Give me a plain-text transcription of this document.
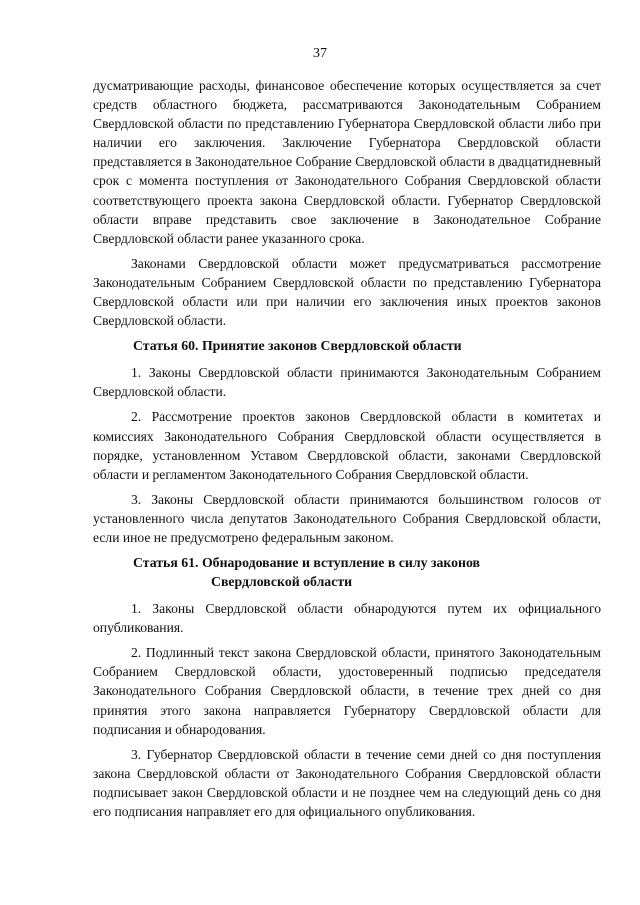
37

дусматривающие расходы, финансовое обеспечение которых осуществляется за счет средств областного бюджета, рассматриваются Законодательным Собранием Свердловской области по представлению Губернатора Свердловской области либо при наличии его заключения. Заключение Губернатора Свердловской области представляется в Законодательное Собрание Свердловской области в двадцатидневный срок с момента поступления от Законодательного Собрания Свердловской области соответствующего проекта закона Свердловской области. Губернатор Свердловской области вправе представить свое заключение в Законодательное Собрание Свердловской области ранее указанного срока.

Законами Свердловской области может предусматриваться рассмотрение Законодательным Собранием Свердловской области по представлению Губернатора Свердловской области или при наличии его заключения иных проектов законов Свердловской области.

Статья 60. Принятие законов Свердловской области

1. Законы Свердловской области принимаются Законодательным Собранием Свердловской области.

2. Рассмотрение проектов законов Свердловской области в комитетах и комиссиях Законодательного Собрания Свердловской области осуществляется в порядке, установленном Уставом Свердловской области, законами Свердловской области и регламентом Законодательного Собрания Свердловской области.

3. Законы Свердловской области принимаются большинством голосов от установленного числа депутатов Законодательного Собрания Свердловской области, если иное не предусмотрено федеральным законом.

Статья 61. Обнародование и вступление в силу законов
Свердловской области

1. Законы Свердловской области обнародуются путем их официального опубликования.

2. Подлинный текст закона Свердловской области, принятого Законодательным Собранием Свердловской области, удостоверенный подписью председателя Законодательного Собрания Свердловской области, в течение трех дней со дня принятия этого закона направляется Губернатору Свердловской области для подписания и обнародования.

3. Губернатор Свердловской области в течение семи дней со дня поступления закона Свердловской области от Законодательного Собрания Свердловской области подписывает закон Свердловской области и не позднее чем на следующий день со дня его подписания направляет его для официального опубликования.
